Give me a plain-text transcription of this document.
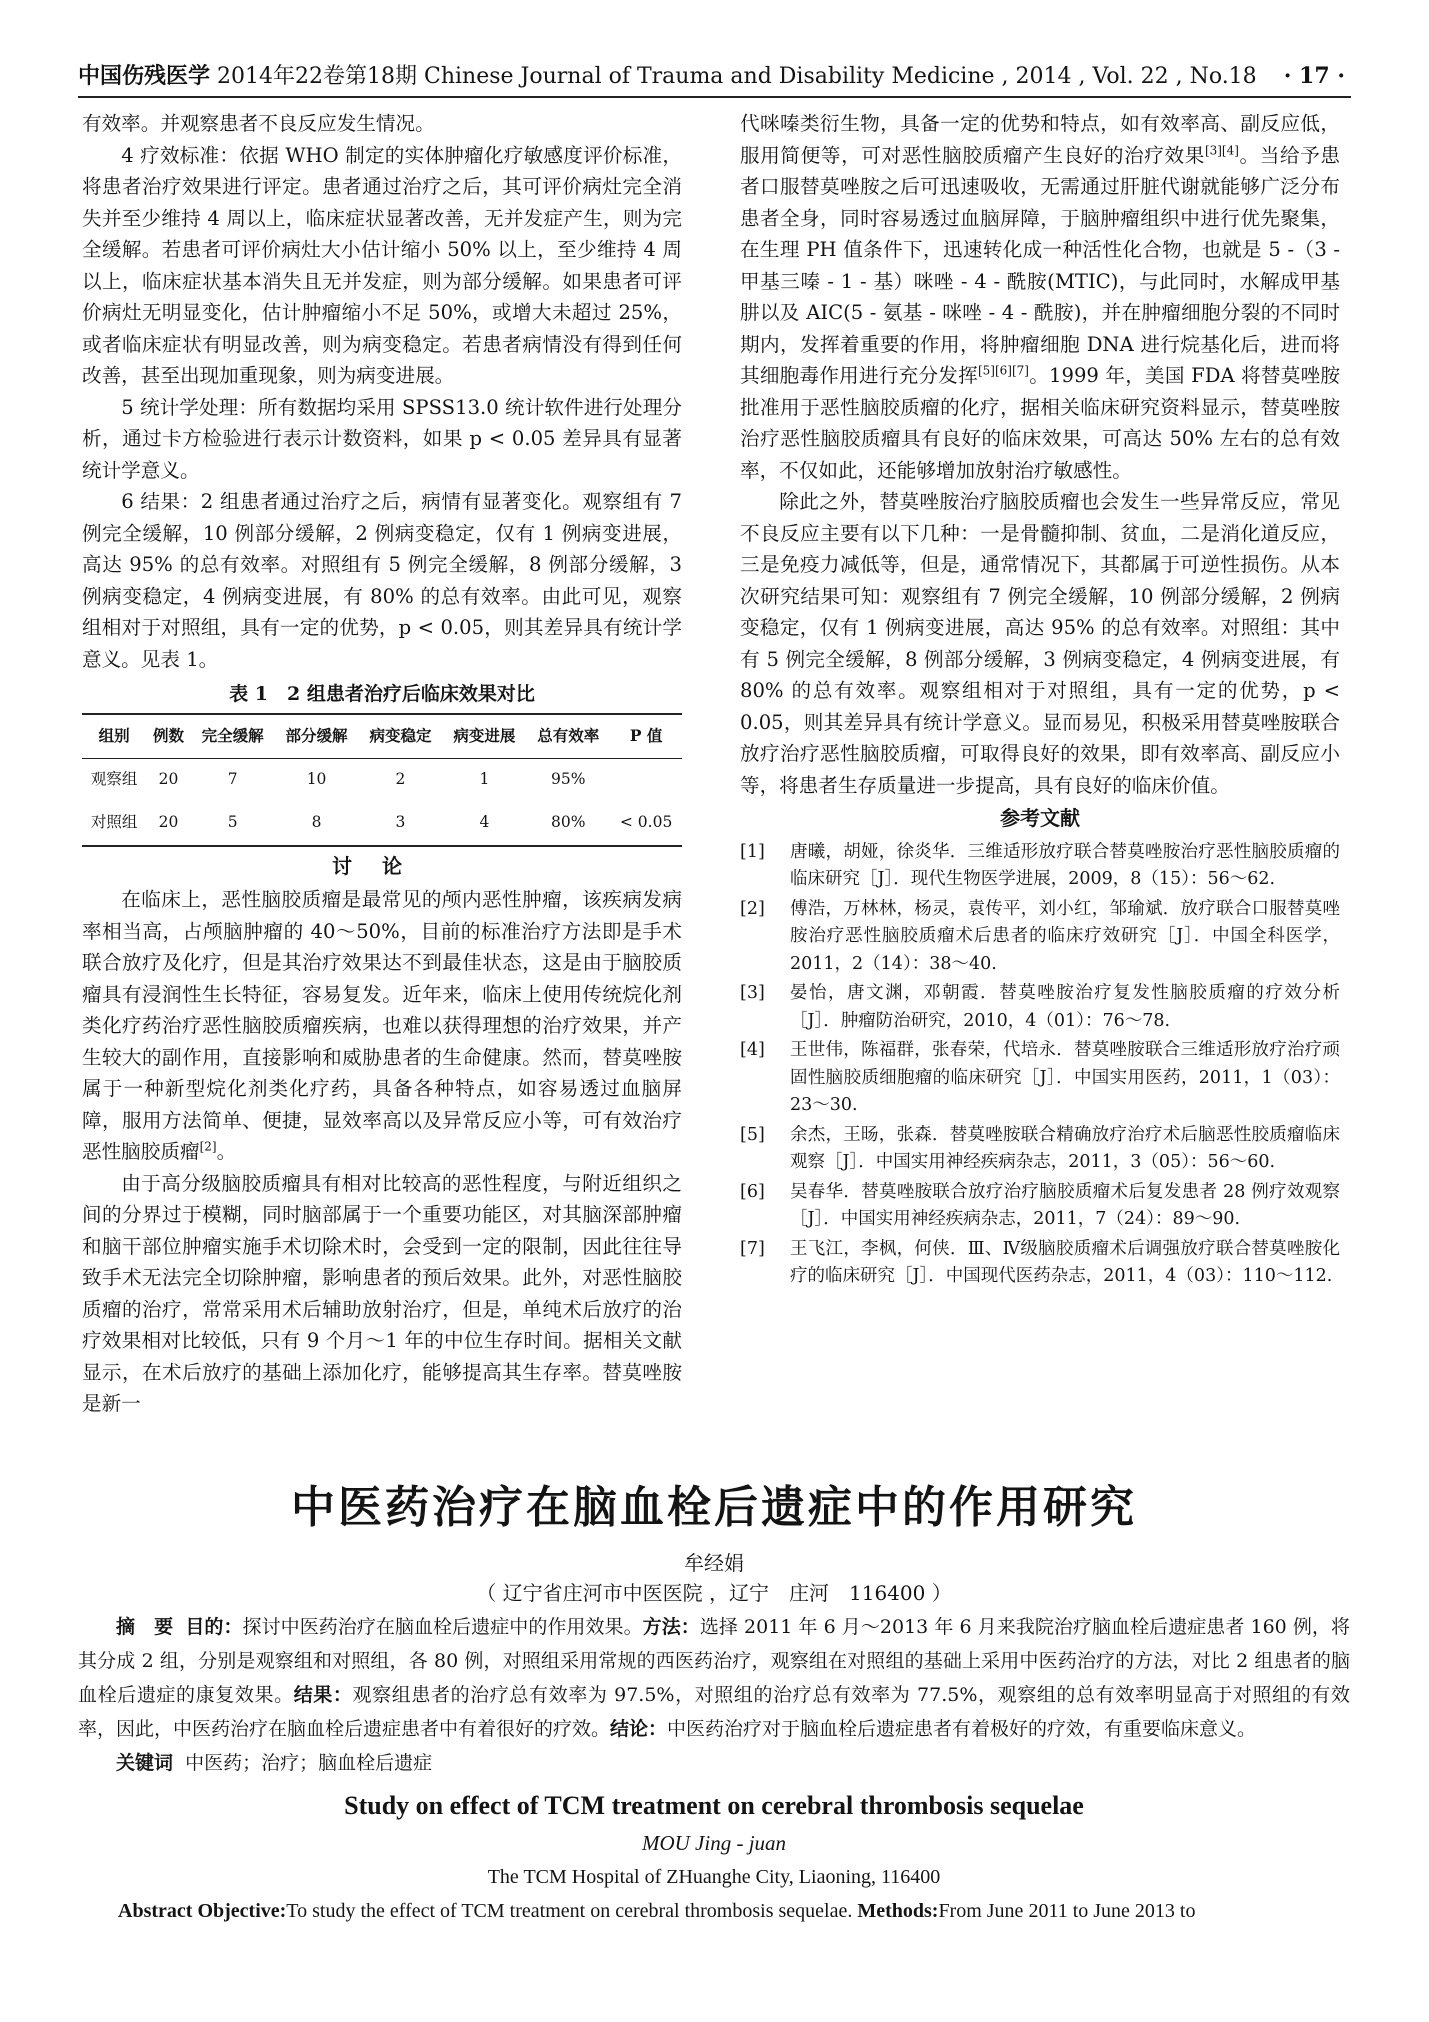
中国伤残医学 2014年22卷第18期 Chinese Journal of Trauma and Disability Medicine , 2014 , Vol. 22 , No.18 · 17 ·

有效率。并观察患者不良反应发生情况。

4 疗效标准：依据 WHO 制定的实体肿瘤化疗敏感度评价标准，将患者治疗效果进行评定。患者通过治疗之后，其可评价病灶完全消失并至少维持 4 周以上，临床症状显著改善，无并发症产生，则为完全缓解。若患者可评价病灶大小估计缩小 50% 以上，至少维持 4 周以上，临床症状基本消失且无并发症，则为部分缓解。如果患者可评价病灶无明显变化，估计肿瘤缩小不足 50%，或增大未超过 25%，或者临床症状有明显改善，则为病变稳定。若患者病情没有得到任何改善，甚至出现加重现象，则为病变进展。

5 统计学处理：所有数据均采用 SPSS13.0 统计软件进行处理分析，通过卡方检验进行表示计数资料，如果 p < 0.05 差异具有显著统计学意义。

6 结果：2 组患者通过治疗之后，病情有显著变化。观察组有 7 例完全缓解，10 例部分缓解，2 例病变稳定，仅有 1 例病变进展，高达 95% 的总有效率。对照组有 5 例完全缓解，8 例部分缓解，3 例病变稳定，4 例病变进展，有 80% 的总有效率。由此可见，观察组相对于对照组，具有一定的优势，p < 0.05，则其差异具有统计学意义。见表 1。

表 1　2 组患者治疗后临床效果对比
组别	例数	完全缓解	部分缓解	病变稳定	病变进展	总有效率	P 值
观察组	20	7	10	2	1	95%	
对照组	20	5	8	3	4	80%	< 0.05
讨论

在临床上，恶性脑胶质瘤是最常见的颅内恶性肿瘤，该疾病发病率相当高，占颅脑肿瘤的 40～50%，目前的标准治疗方法即是手术联合放疗及化疗，但是其治疗效果达不到最佳状态，这是由于脑胶质瘤具有浸润性生长特征，容易复发。近年来，临床上使用传统烷化剂类化疗药治疗恶性脑胶质瘤疾病，也难以获得理想的治疗效果，并产生较大的副作用，直接影响和威胁患者的生命健康。然而，替莫唑胺属于一种新型烷化剂类化疗药，具备各种特点，如容易透过血脑屏障，服用方法简单、便捷，显效率高以及异常反应小等，可有效治疗恶性脑胶质瘤[2]。

由于高分级脑胶质瘤具有相对比较高的恶性程度，与附近组织之间的分界过于模糊，同时脑部属于一个重要功能区，对其脑深部肿瘤和脑干部位肿瘤实施手术切除术时，会受到一定的限制，因此往往导致手术无法完全切除肿瘤，影响患者的预后效果。此外，对恶性脑胶质瘤的治疗，常常采用术后辅助放射治疗，但是，单纯术后放疗的治疗效果相对比较低，只有 9 个月～1 年的中位生存时间。据相关文献显示，在术后放疗的基础上添加化疗，能够提高其生存率。替莫唑胺是新一

代咪嗪类衍生物，具备一定的优势和特点，如有效率高、副反应低，服用简便等，可对恶性脑胶质瘤产生良好的治疗效果[3][4]。当给予患者口服替莫唑胺之后可迅速吸收，无需通过肝脏代谢就能够广泛分布患者全身，同时容易透过血脑屏障，于脑肿瘤组织中进行优先聚集，在生理 PH 值条件下，迅速转化成一种活性化合物，也就是 5 -（3 - 甲基三嗪 - 1 - 基）咪唑 - 4 - 酰胺(MTIC)，与此同时，水解成甲基肼以及 AIC(5 - 氨基 - 咪唑 - 4 - 酰胺)，并在肿瘤细胞分裂的不同时期内，发挥着重要的作用，将肿瘤细胞 DNA 进行烷基化后，进而将其细胞毒作用进行充分发挥[5][6][7]。1999 年，美国 FDA 将替莫唑胺批准用于恶性脑胶质瘤的化疗，据相关临床研究资料显示，替莫唑胺治疗恶性脑胶质瘤具有良好的临床效果，可高达 50% 左右的总有效率，不仅如此，还能够增加放射治疗敏感性。

除此之外，替莫唑胺治疗脑胶质瘤也会发生一些异常反应，常见不良反应主要有以下几种：一是骨髓抑制、贫血，二是消化道反应，三是免疫力减低等，但是，通常情况下，其都属于可逆性损伤。从本次研究结果可知：观察组有 7 例完全缓解，10 例部分缓解，2 例病变稳定，仅有 1 例病变进展，高达 95% 的总有效率。对照组：其中有 5 例完全缓解，8 例部分缓解，3 例病变稳定，4 例病变进展，有 80% 的总有效率。观察组相对于对照组，具有一定的优势，p < 0.05，则其差异具有统计学意义。显而易见，积极采用替莫唑胺联合放疗治疗恶性脑胶质瘤，可取得良好的效果，即有效率高、副反应小等，将患者生存质量进一步提高，具有良好的临床价值。

参考文献
[1]	唐曦，胡娅，徐炎华．三维适形放疗联合替莫唑胺治疗恶性脑胶质瘤的临床研究［J］．现代生物医学进展，2009，8（15）：56～62.
[2]	傅浩，万林林，杨灵，袁传平，刘小红，邹瑜斌．放疗联合口服替莫唑胺治疗恶性脑胶质瘤术后患者的临床疗效研究［J］．中国全科医学，2011，2（14）：38～40.
[3]	晏怡，唐文渊，邓朝霞．替莫唑胺治疗复发性脑胶质瘤的疗效分析［J］．肿瘤防治研究，2010，4（01）：76～78.
[4]	王世伟，陈福群，张春荣，代培永．替莫唑胺联合三维适形放疗治疗顽固性脑胶质细胞瘤的临床研究［J］．中国实用医药，2011，1（03）：23～30.
[5]	余杰，王旸，张森．替莫唑胺联合精确放疗治疗术后脑恶性胶质瘤临床观察［J］．中国实用神经疾病杂志，2011，3（05）：56～60.
[6]	吴春华．替莫唑胺联合放疗治疗脑胶质瘤术后复发患者 28 例疗效观察［J］．中国实用神经疾病杂志，2011，7（24）：89～90.
[7]	王飞江，李枫，何侠．Ⅲ、Ⅳ级脑胶质瘤术后调强放疗联合替莫唑胺化疗的临床研究［J］．中国现代医药杂志，2011，4（03）：110～112.
中医药治疗在脑血栓后遗症中的作用研究
牟经娟
（ 辽宁省庄河市中医医院 ，辽宁　庄河　116400 ）
摘　要 目的：探讨中医药治疗在脑血栓后遗症中的作用效果。方法：选择 2011 年 6 月～2013 年 6 月来我院治疗脑血栓后遗症患者 160 例，将其分成 2 组，分别是观察组和对照组，各 80 例，对照组采用常规的西医药治疗，观察组在对照组的基础上采用中医药治疗的方法，对比 2 组患者的脑血栓后遗症的康复效果。结果：观察组患者的治疗总有效率为 97.5%，对照组的治疗总有效率为 77.5%，观察组的总有效率明显高于对照组的有效率，因此，中医药治疗在脑血栓后遗症患者中有着很好的疗效。结论：中医药治疗对于脑血栓后遗症患者有着极好的疗效，有重要临床意义。
关键词 中医药；治疗；脑血栓后遗症
Study on effect of TCM treatment on cerebral thrombosis sequelae
MOU Jing - juan
The TCM Hospital of ZHuanghe City, Liaoning, 116400
Abstract Objective:To study the effect of TCM treatment on cerebral thrombosis sequelae. Methods:From June 2011 to June 2013 to
